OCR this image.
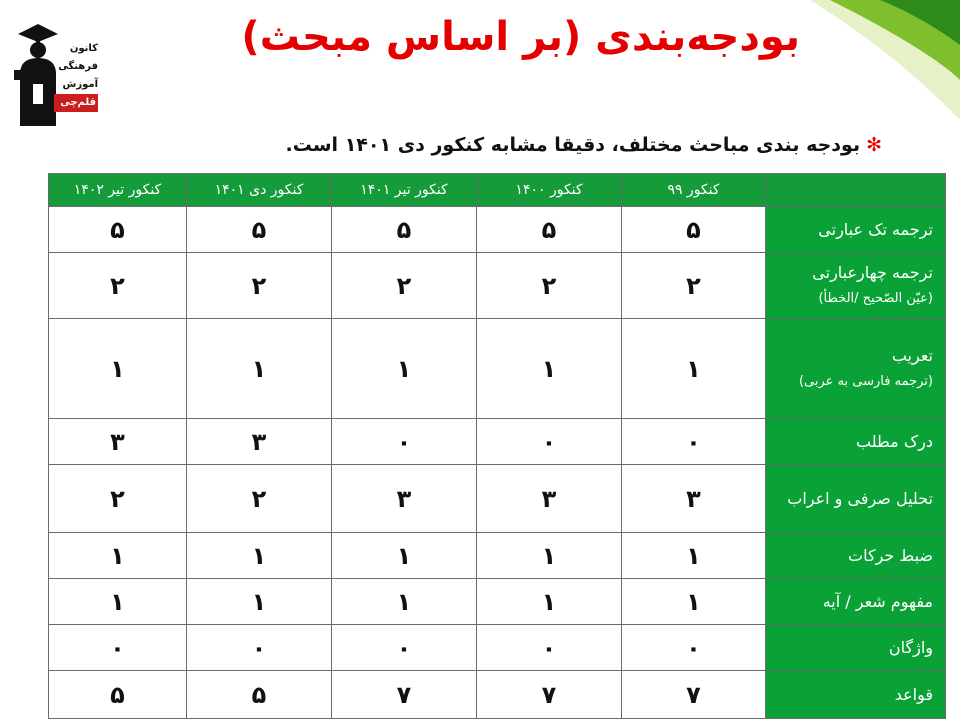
کانون
فرهنگی
آموزش
قلم‌چی
بودجه‌بندی (بر اساس مبحث)
✻بودجه بندی مباحث مختلف، دقیقا مشابه کنکور دی ۱۴۰۱ است.
	کنکور ۹۹	کنکور ۱۴۰۰	کنکور تیر ۱۴۰۱	کنکور دی ۱۴۰۱	کنکور تیر ۱۴۰۲
ترجمه تک عبارتی	۵	۵	۵	۵	۵
ترجمه چهارعبارتی
(عیّن الصّحیح /الخطأ)	۲	۲	۲	۲	۲
تعریب
(ترجمه فارسی به عربی)	۱	۱	۱	۱	۱
درک مطلب	۰	۰	۰	۳	۳
تحلیل صرفی و اعراب	۳	۳	۳	۲	۲
ضبط حرکات	۱	۱	۱	۱	۱
مفهوم شعر / آیه	۱	۱	۱	۱	۱
واژگان	۰	۰	۰	۰	۰
قواعد	۷	۷	۷	۵	۵
